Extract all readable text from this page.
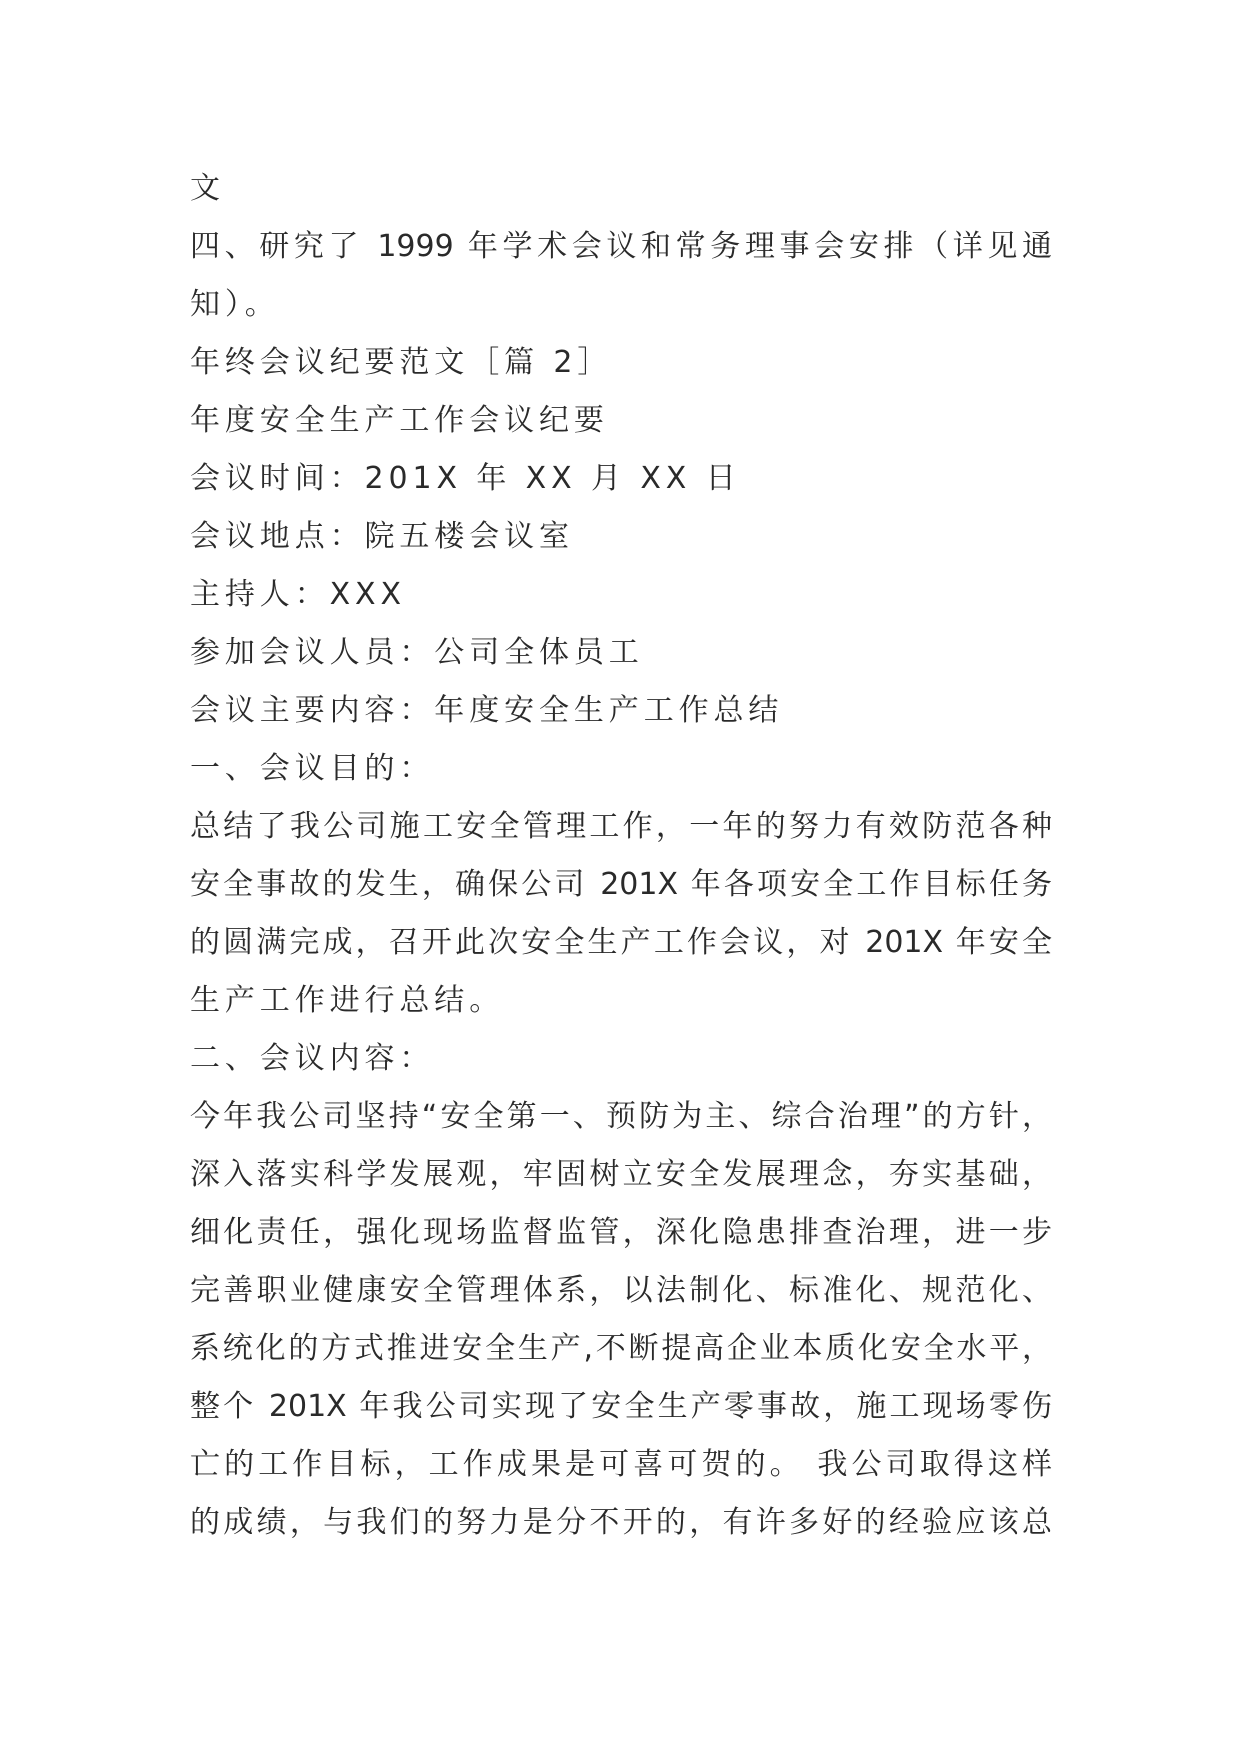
文
四、研究了 1999 年学术会议和常务理事会安排（详见通
知）。
年终会议纪要范文［篇 2］
年度安全生产工作会议纪要
会议时间：201X 年 XX 月 XX 日
会议地点：院五楼会议室
主持人：XXX
参加会议人员：公司全体员工
会议主要内容：年度安全生产工作总结
一、会议目的：
总结了我公司施工安全管理工作，一年的努力有效防范各种
安全事故的发生，确保公司 201X 年各项安全工作目标任务
的圆满完成，召开此次安全生产工作会议，对 201X 年安全
生产工作进行总结。
二、会议内容：
今年我公司坚持“安全第一、预防为主、综合治理”的方针，
深入落实科学发展观，牢固树立安全发展理念，夯实基础，
细化责任，强化现场监督监管，深化隐患排查治理，进一步
完善职业健康安全管理体系，以法制化、标准化、规范化、
系统化的方式推进安全生产,不断提高企业本质化安全水平，
整个 201X 年我公司实现了安全生产零事故，施工现场零伤
亡的工作目标，工作成果是可喜可贺的。 我公司取得这样
的成绩，与我们的努力是分不开的，有许多好的经验应该总
